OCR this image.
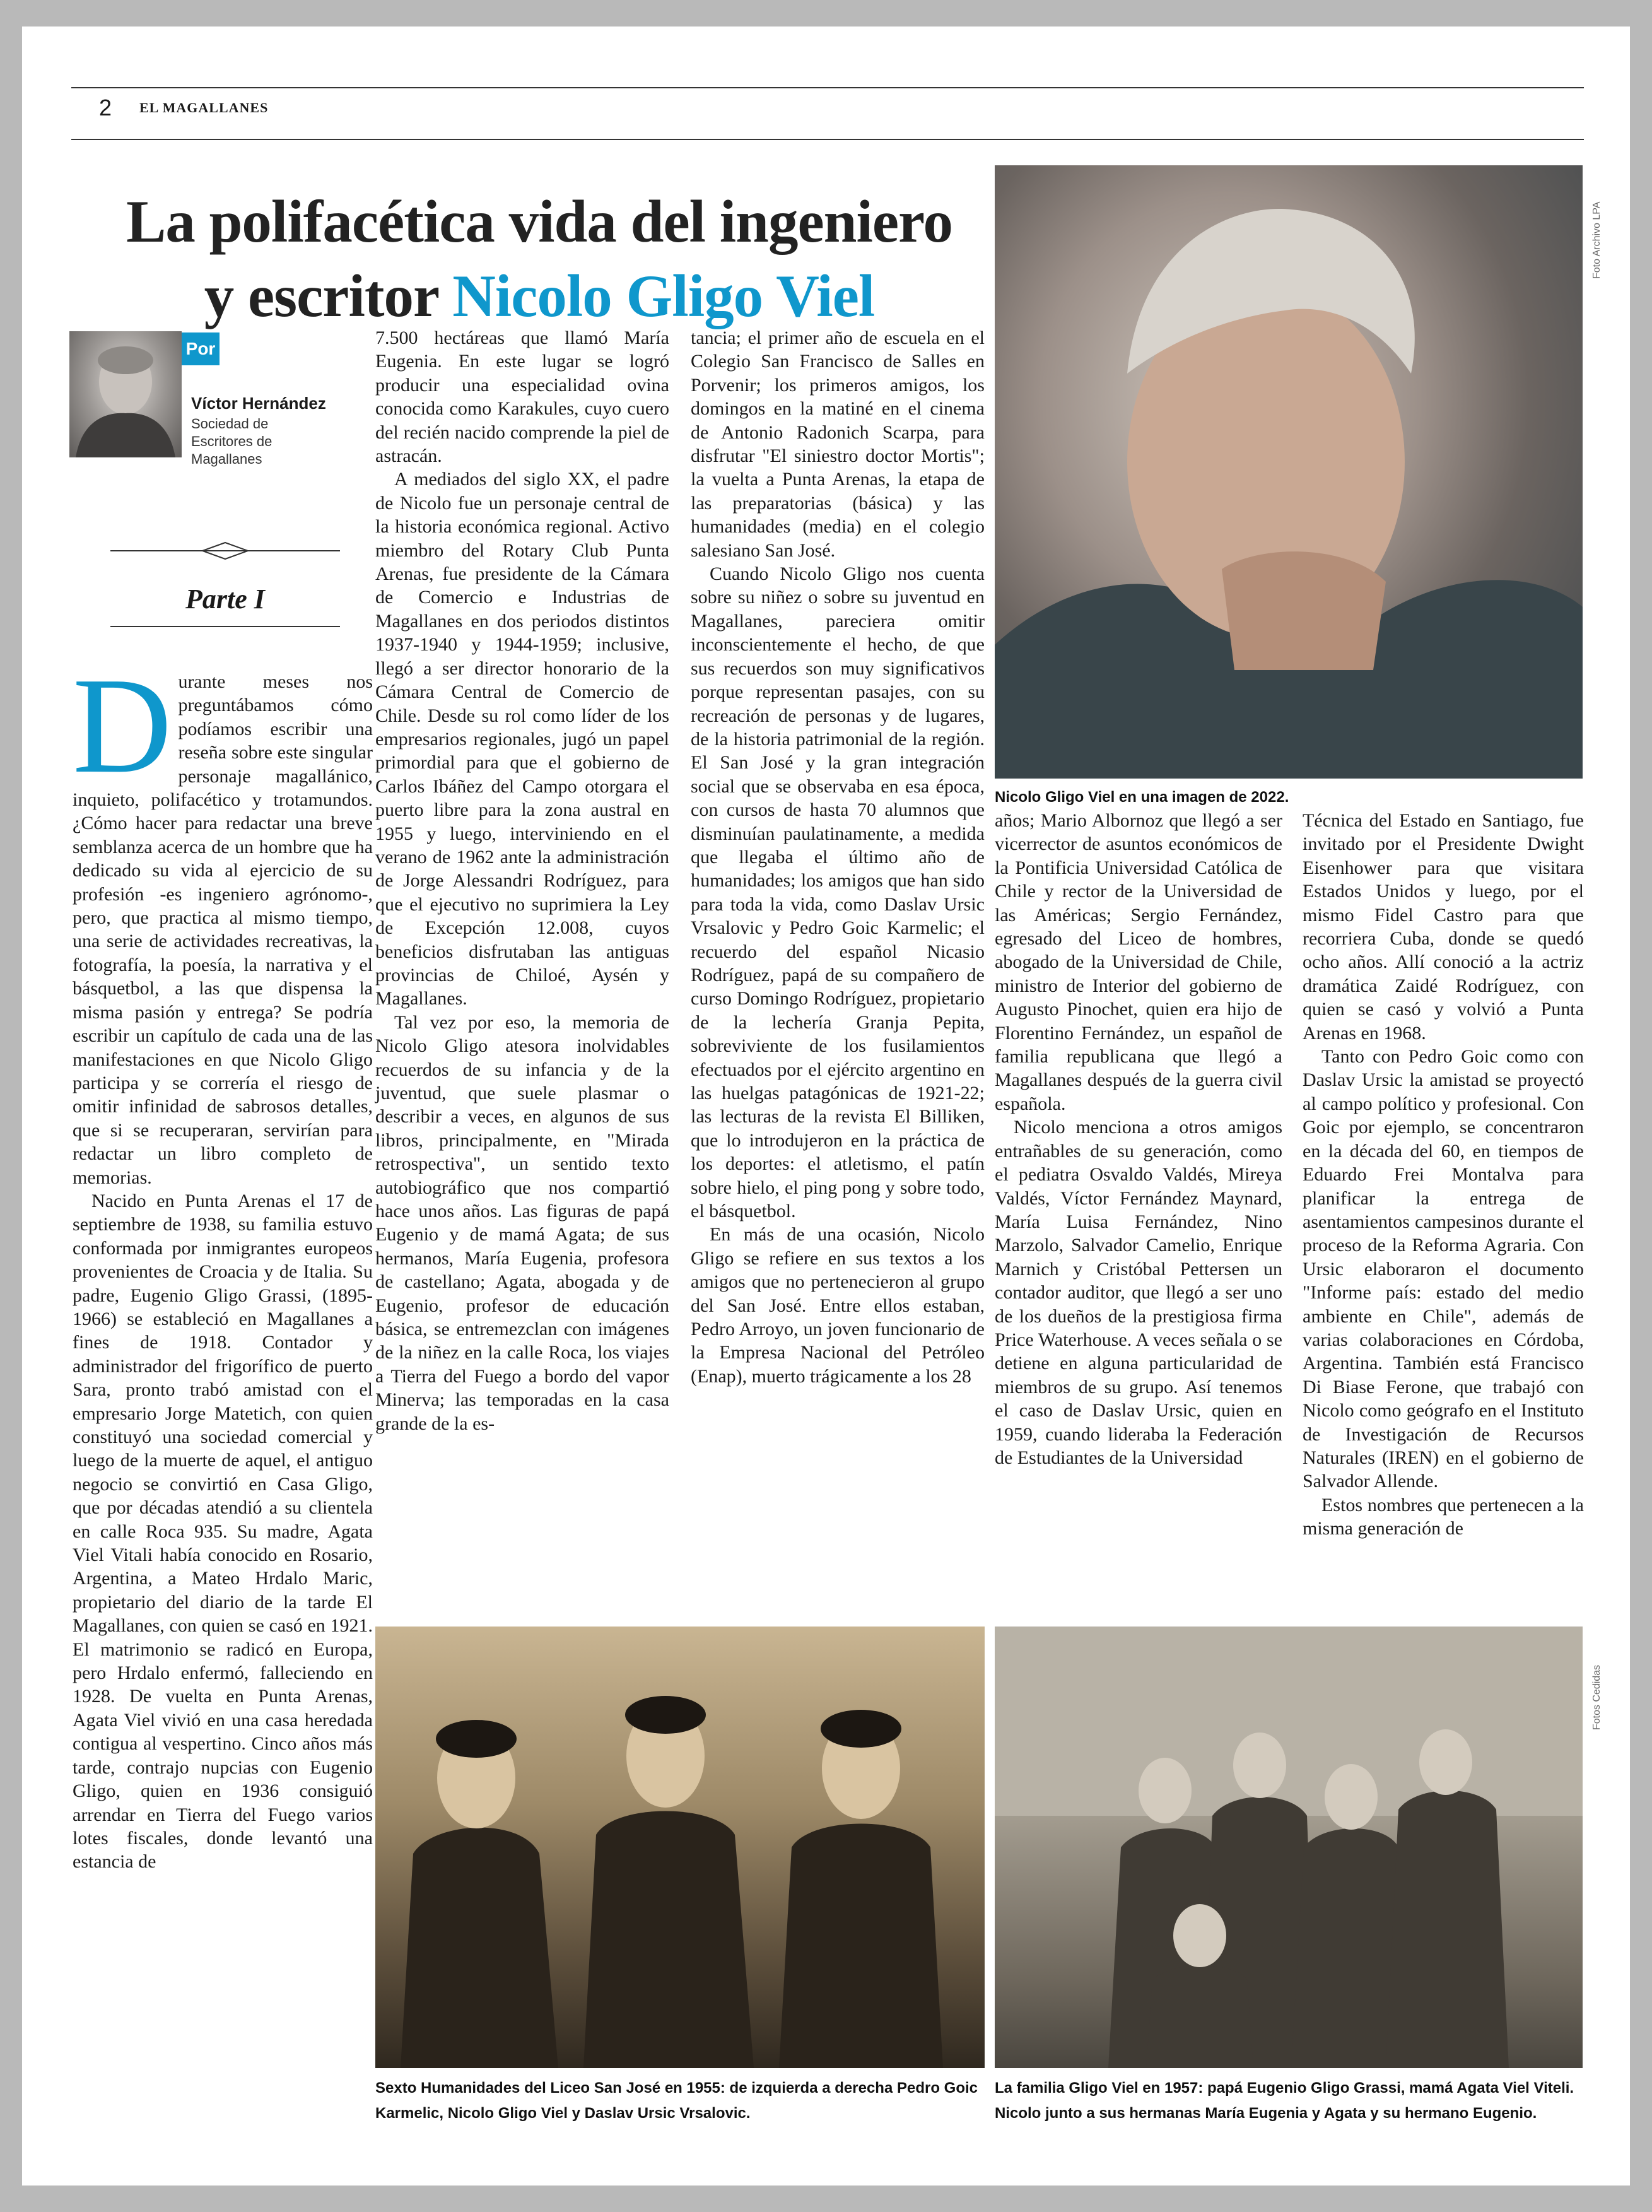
2 EL MAGALLANES
La polifacética vida del ingeniero
y escritor Nicolo Gligo Viel
Por
Víctor Hernández
Sociedad de Escritores de Magallanes
Parte I
Foto Archivo LPA
Nicolo Gligo Viel en una imagen de 2022.
Sexto Humanidades del Liceo San José en 1955: de izquierda a derecha Pedro Goic Karmelic, Nicolo Gligo Viel y Daslav Ursic Vrsalovic.
Fotos Cedidas
La familia Gligo Viel en 1957: papá Eugenio Gligo Grassi, mamá Agata Viel Viteli. Nicolo junto a sus hermanas María Eugenia y Agata y su hermano Eugenio.

Durante meses nos preguntábamos cómo podíamos escribir una reseña sobre este singular personaje magallánico, inquieto, polifacético y trotamundos. ¿Cómo hacer para redactar una breve semblanza acerca de un hombre que ha dedicado su vida al ejercicio de su profesión -es ingeniero agrónomo-, pero, que practica al mismo tiempo, una serie de actividades recreativas, la fotografía, la poesía, la narrativa y el básquetbol, a las que dispensa la misma pasión y entrega? Se podría escribir un capítulo de cada una de las manifestaciones en que Nicolo Gligo participa y se correría el riesgo de omitir infinidad de sabrosos detalles, que si se recuperaran, servirían para redactar un libro completo de memorias.

Nacido en Punta Arenas el 17 de septiembre de 1938, su familia estuvo conformada por inmigrantes europeos provenientes de Croacia y de Italia. Su padre, Eugenio Gligo Grassi, (1895-1966) se estableció en Magallanes a fines de 1918. Contador y administrador del frigorífico de puerto Sara, pronto trabó amistad con el empresario Jorge Matetich, con quien constituyó una sociedad comercial y luego de la muerte de aquel, el antiguo negocio se convirtió en Casa Gligo, que por décadas atendió a su clientela en calle Roca 935. Su madre, Agata Viel Vitali había conocido en Rosario, Argentina, a Mateo Hrdalo Maric, propietario del diario de la tarde El Magallanes, con quien se casó en 1921. El matrimonio se radicó en Europa, pero Hrdalo enfermó, falleciendo en 1928. De vuelta en Punta Arenas, Agata Viel vivió en una casa heredada contigua al vespertino. Cinco años más tarde, contrajo nupcias con Eugenio Gligo, quien en 1936 consiguió arrendar en Tierra del Fuego varios lotes fiscales, donde levantó una estancia de

7.500 hectáreas que llamó María Eugenia. En este lugar se logró producir una especialidad ovina conocida como Karakules, cuyo cuero del recién nacido comprende la piel de astracán.

A mediados del siglo XX, el padre de Nicolo fue un personaje central de la historia económica regional. Activo miembro del Rotary Club Punta Arenas, fue presidente de la Cámara de Comercio e Industrias de Magallanes en dos periodos distintos 1937-1940 y 1944-1959; inclusive, llegó a ser director honorario de la Cámara Central de Comercio de Chile. Desde su rol como líder de los empresarios regionales, jugó un papel primordial para que el gobierno de Carlos Ibáñez del Campo otorgara el puerto libre para la zona austral en 1955 y luego, interviniendo en el verano de 1962 ante la administración de Jorge Alessandri Rodríguez, para que el ejecutivo no suprimiera la Ley de Excepción 12.008, cuyos beneficios disfrutaban las antiguas provincias de Chiloé, Aysén y Magallanes.

Tal vez por eso, la memoria de Nicolo Gligo atesora inolvidables recuerdos de su infancia y de la juventud, que suele plasmar o describir a veces, en algunos de sus libros, principalmente, en "Mirada retrospectiva", un sentido texto autobiográfico que nos compartió hace unos años. Las figuras de papá Eugenio y de mamá Agata; de sus hermanos, María Eugenia, profesora de castellano; Agata, abogada y de Eugenio, profesor de educación básica, se entremezclan con imágenes de la niñez en la calle Roca, los viajes a Tierra del Fuego a bordo del vapor Minerva; las temporadas en la casa grande de la es-

tancia; el primer año de escuela en el Colegio San Francisco de Salles en Porvenir; los primeros amigos, los domingos en la matiné en el cinema de Antonio Radonich Scarpa, para disfrutar "El siniestro doctor Mortis"; la vuelta a Punta Arenas, la etapa de las preparatorias (básica) y las humanidades (media) en el colegio salesiano San José.

Cuando Nicolo Gligo nos cuenta sobre su niñez o sobre su juventud en Magallanes, pareciera omitir inconscientemente el hecho, de que sus recuerdos son muy significativos porque representan pasajes, con su recreación de personas y de lugares, de la historia patrimonial de la región. El San José y la gran integración social que se observaba en esa época, con cursos de hasta 70 alumnos que disminuían paulatinamente, a medida que llegaba el último año de humanidades; los amigos que han sido para toda la vida, como Daslav Ursic Vrsalovic y Pedro Goic Karmelic; el recuerdo del español Nicasio Rodríguez, papá de su compañero de curso Domingo Rodríguez, propietario de la lechería Granja Pepita, sobreviviente de los fusilamientos efectuados por el ejército argentino en las huelgas patagónicas de 1921-22; las lecturas de la revista El Billiken, que lo introdujeron en la práctica de los deportes: el atletismo, el patín sobre hielo, el ping pong y sobre todo, el básquetbol.

En más de una ocasión, Nicolo Gligo se refiere en sus textos a los amigos que no pertenecieron al grupo del San José. Entre ellos estaban, Pedro Arroyo, un joven funcionario de la Empresa Nacional del Petróleo (Enap), muerto trágicamente a los 28

años; Mario Albornoz que llegó a ser vicerrector de asuntos económicos de la Pontificia Universidad Católica de Chile y rector de la Universidad de las Américas; Sergio Fernández, egresado del Liceo de hombres, abogado de la Universidad de Chile, ministro de Interior del gobierno de Augusto Pinochet, quien era hijo de Florentino Fernández, un español de familia republicana que llegó a Magallanes después de la guerra civil española.

Nicolo menciona a otros amigos entrañables de su generación, como el pediatra Osvaldo Valdés, Mireya Valdés, Víctor Fernández Maynard, María Luisa Fernández, Nino Marzolo, Salvador Camelio, Enrique Marnich y Cristóbal Pettersen un contador auditor, que llegó a ser uno de los dueños de la prestigiosa firma Price Waterhouse. A veces señala o se detiene en alguna particularidad de miembros de su grupo. Así tenemos el caso de Daslav Ursic, quien en 1959, cuando lideraba la Federación de Estudiantes de la Universidad

Técnica del Estado en Santiago, fue invitado por el Presidente Dwight Eisenhower para que visitara Estados Unidos y luego, por el mismo Fidel Castro para que recorriera Cuba, donde se quedó ocho años. Allí conoció a la actriz dramática Zaidé Rodríguez, con quien se casó y volvió a Punta Arenas en 1968.

Tanto con Pedro Goic como con Daslav Ursic la amistad se proyectó al campo político y profesional. Con Goic por ejemplo, se concentraron en la década del 60, en tiempos de Eduardo Frei Montalva para planificar la entrega de asentamientos campesinos durante el proceso de la Reforma Agraria. Con Ursic elaboraron el documento "Informe país: estado del medio ambiente en Chile", además de varias colaboraciones en Córdoba, Argentina. También está Francisco Di Biase Ferone, que trabajó con Nicolo como geógrafo en el Instituto de Investigación de Recursos Naturales (IREN) en el gobierno de Salvador Allende.

Estos nombres que pertenecen a la misma generación de
